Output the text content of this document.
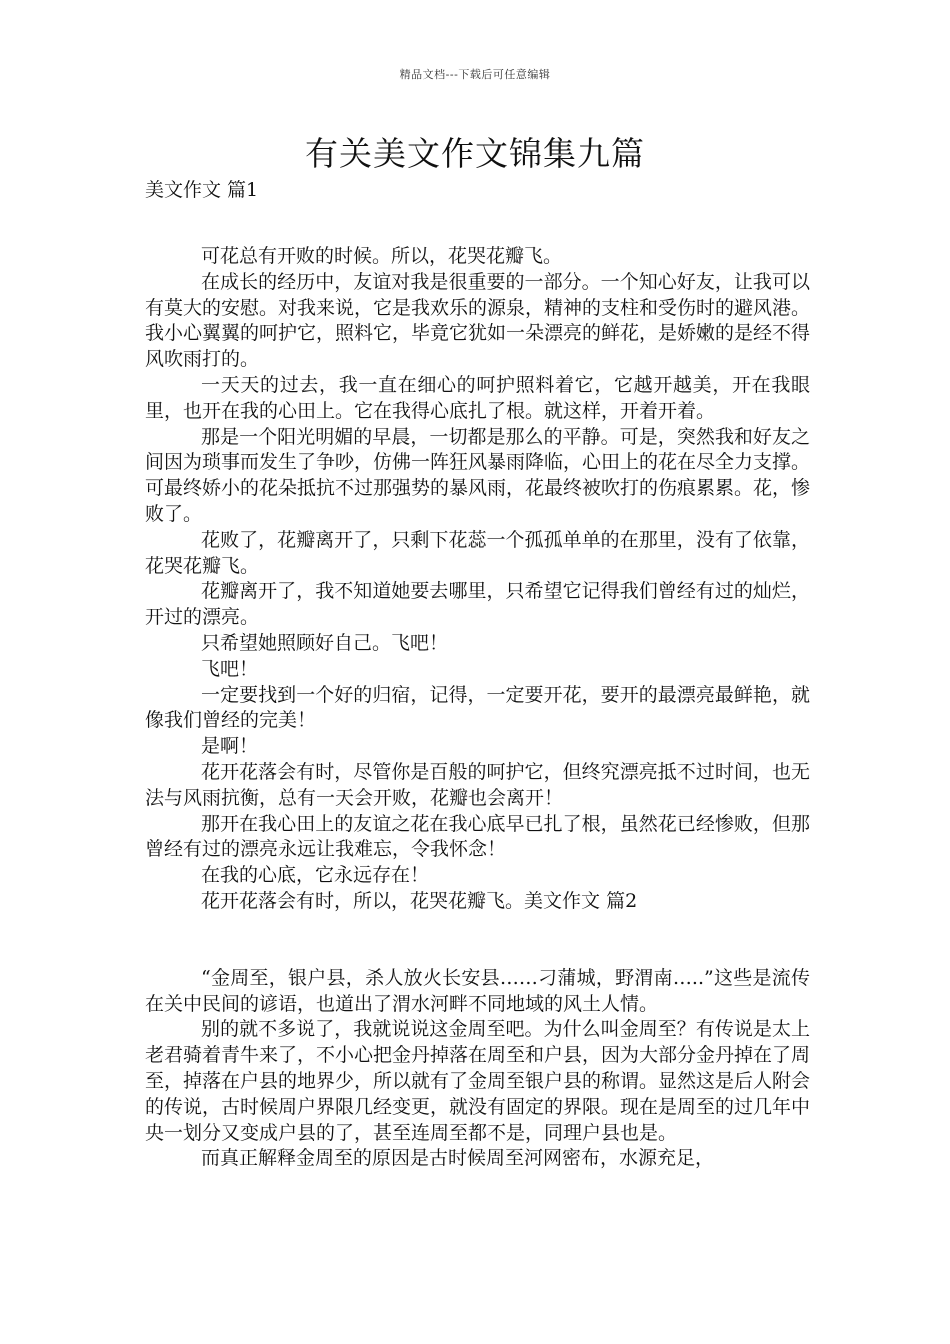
精品文档---下载后可任意编辑
有关美文作文锦集九篇
美文作文 篇1

可花总有开败的时候。所以，花哭花瓣飞。

在成长的经历中，友谊对我是很重要的一部分。一个知心好友，让我可以有莫大的安慰。对我来说，它是我欢乐的源泉，精神的支柱和受伤时的避风港。我小心翼翼的呵护它，照料它，毕竟它犹如一朵漂亮的鲜花，是娇嫩的是经不得风吹雨打的。

一天天的过去，我一直在细心的呵护照料着它，它越开越美，开在我眼里，也开在我的心田上。它在我得心底扎了根。就这样，开着开着。

那是一个阳光明媚的早晨，一切都是那么的平静。可是，突然我和好友之间因为琐事而发生了争吵，仿佛一阵狂风暴雨降临，心田上的花在尽全力支撑。可最终娇小的花朵抵抗不过那强势的暴风雨，花最终被吹打的伤痕累累。花，惨败了。

花败了，花瓣离开了，只剩下花蕊一个孤孤单单的在那里，没有了依靠，花哭花瓣飞。

花瓣离开了，我不知道她要去哪里，只希望它记得我们曾经有过的灿烂，开过的漂亮。

只希望她照顾好自己。飞吧！

飞吧！

一定要找到一个好的归宿，记得，一定要开花，要开的最漂亮最鲜艳，就像我们曾经的完美！

是啊！

花开花落会有时，尽管你是百般的呵护它，但终究漂亮抵不过时间，也无法与风雨抗衡，总有一天会开败，花瓣也会离开！

那开在我心田上的友谊之花在我心底早已扎了根，虽然花已经惨败，但那曾经有过的漂亮永远让我难忘，令我怀念！

在我的心底，它永远存在！

花开花落会有时，所以，花哭花瓣飞。美文作文 篇2

“金周至，银户县，杀人放火长安县……刁蒲城，野渭南…..”这些是流传在关中民间的谚语，也道出了渭水河畔不同地域的风土人情。

别的就不多说了，我就说说这金周至吧。为什么叫金周至？有传说是太上老君骑着青牛来了，不小心把金丹掉落在周至和户县，因为大部分金丹掉在了周至，掉落在户县的地界少，所以就有了金周至银户县的称谓。显然这是后人附会的传说，古时候周户界限几经变更，就没有固定的界限。现在是周至的过几年中央一划分又变成户县的了，甚至连周至都不是，同理户县也是。

而真正解释金周至的原因是古时候周至河网密布，水源充足，
